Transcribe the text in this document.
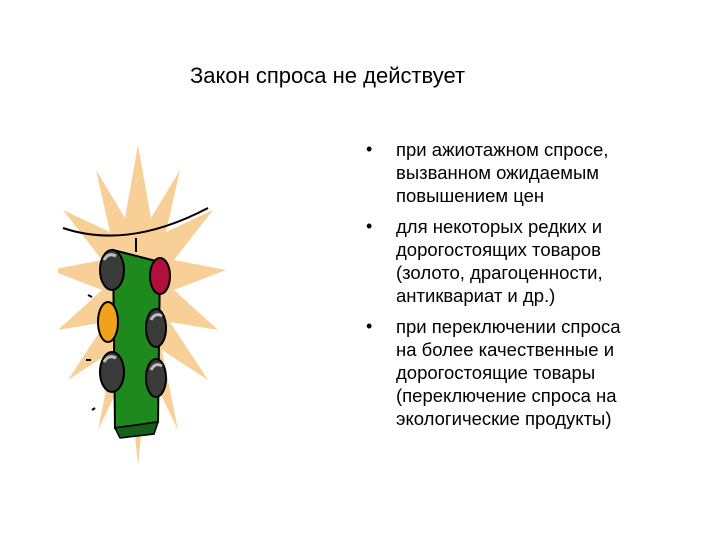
Закон спроса не действует
•	при ажиотажном спросе,
вызванном ожидаемым
повышением цен
•	для некоторых редких и
дорогостоящих товаров
(золото, драгоценности,
антиквариат и др.)
•	при переключении спроса
на более качественные и
дорогостоящие товары
(переключение спроса на
экологические продукты)
